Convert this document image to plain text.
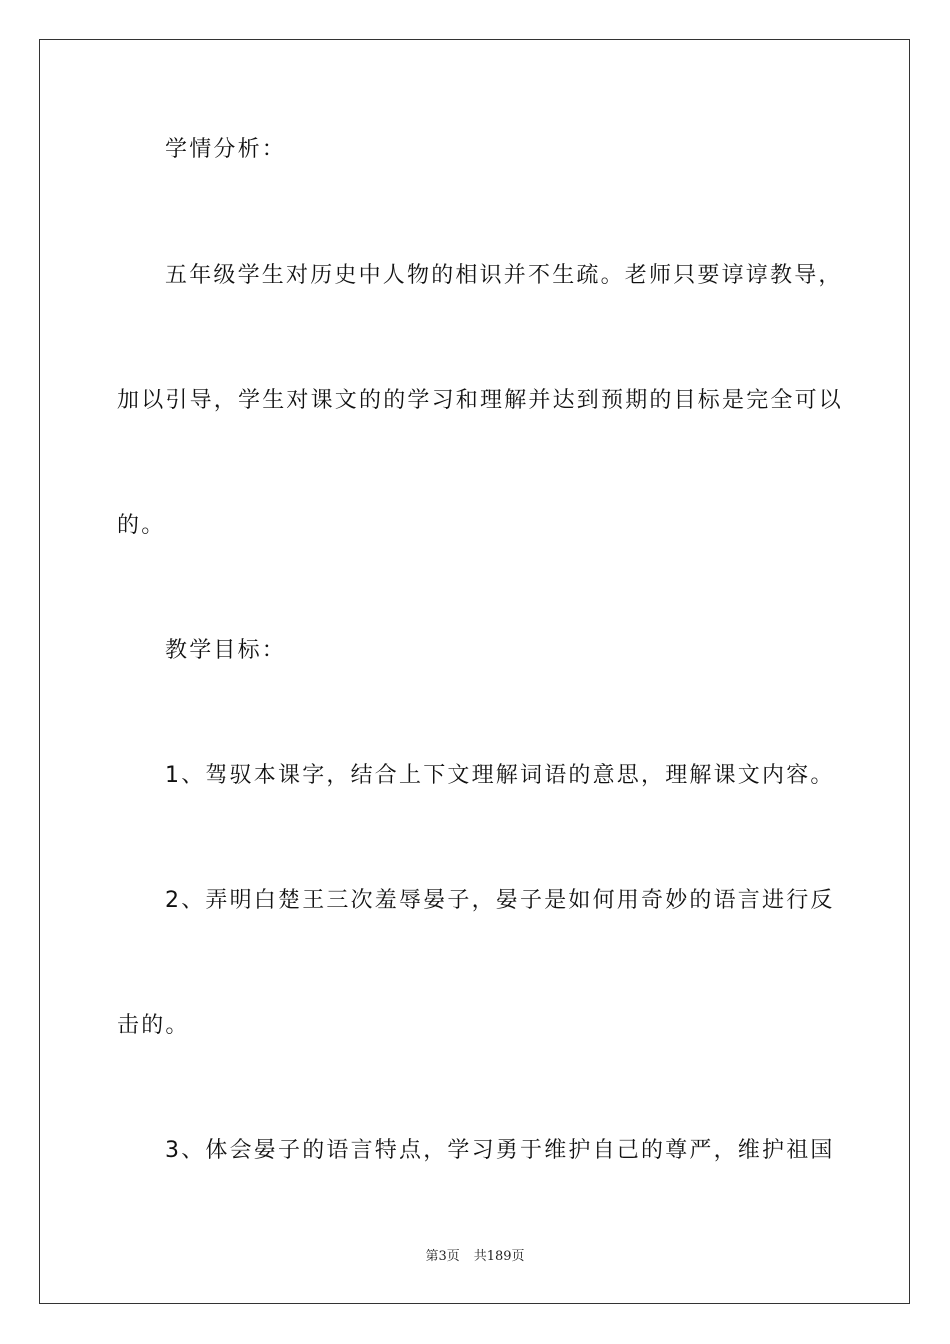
学情分析：
五年级学生对历史中人物的相识并不生疏。老师只要谆谆教导，
加以引导，学生对课文的的学习和理解并达到预期的目标是完全可以
的。
教学目标：
1、驾驭本课字，结合上下文理解词语的意思，理解课文内容。
2、弄明白楚王三次羞辱晏子，晏子是如何用奇妙的语言进行反
击的。
3、体会晏子的语言特点，学习勇于维护自己的尊严，维护祖国
第3页 共189页
